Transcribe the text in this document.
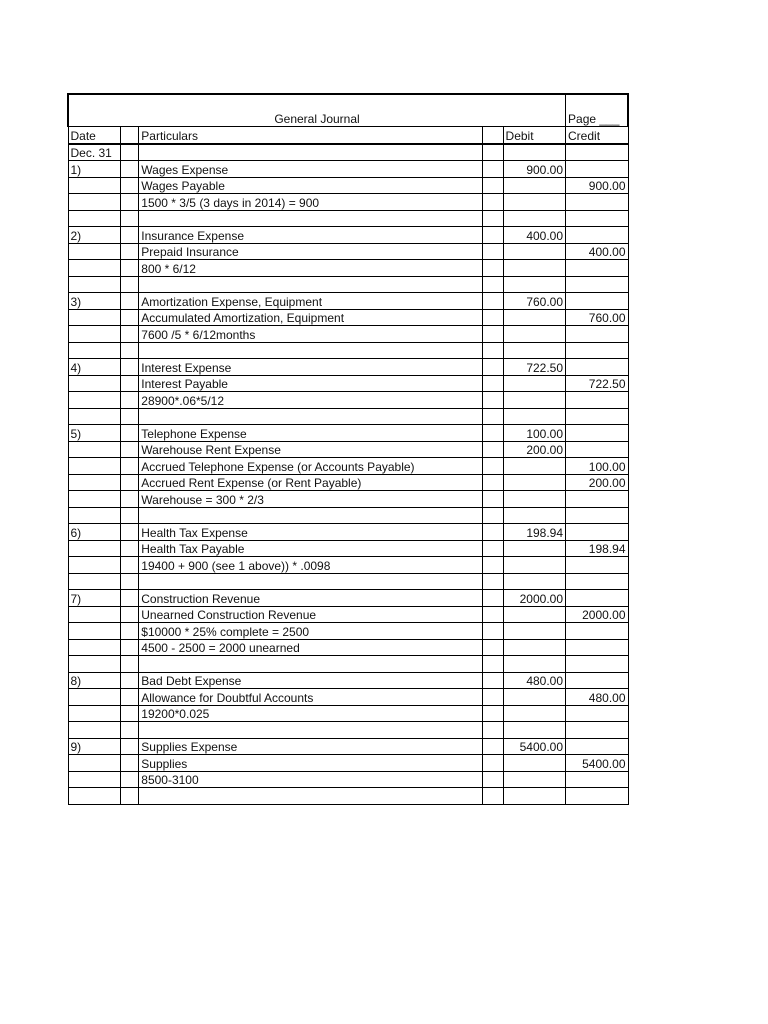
General Journal					Page ___
Date		Particulars		Debit	Credit
Dec. 31					
1)		Wages Expense		900.00	
		Wages Payable			900.00
		1500 * 3/5 (3 days in 2014) = 900			

2)		Insurance Expense		400.00	
		Prepaid Insurance			400.00
		800 * 6/12			

3)		Amortization Expense, Equipment		760.00	
		Accumulated Amortization, Equipment			760.00
		7600 /5 * 6/12months			

4)		Interest Expense		722.50	
		Interest Payable			722.50
		28900*.06*5/12			

5)		Telephone Expense		100.00	
		Warehouse Rent Expense		200.00	
		Accrued Telephone Expense (or Accounts Payable)			100.00
		Accrued Rent Expense (or Rent Payable)			200.00
		Warehouse = 300 * 2/3			

6)		Health Tax Expense		198.94	
		Health Tax Payable			198.94
		19400 + 900 (see 1 above)) * .0098			

7)		Construction Revenue		2000.00	
		Unearned Construction Revenue			2000.00
		$10000 * 25% complete = 2500			
		4500 - 2500 = 2000 unearned			

8)		Bad Debt Expense		480.00	
		Allowance for Doubtful Accounts			480.00
		19200*0.025			

9)		Supplies Expense		5400.00	
		Supplies			5400.00
		8500-3100			
